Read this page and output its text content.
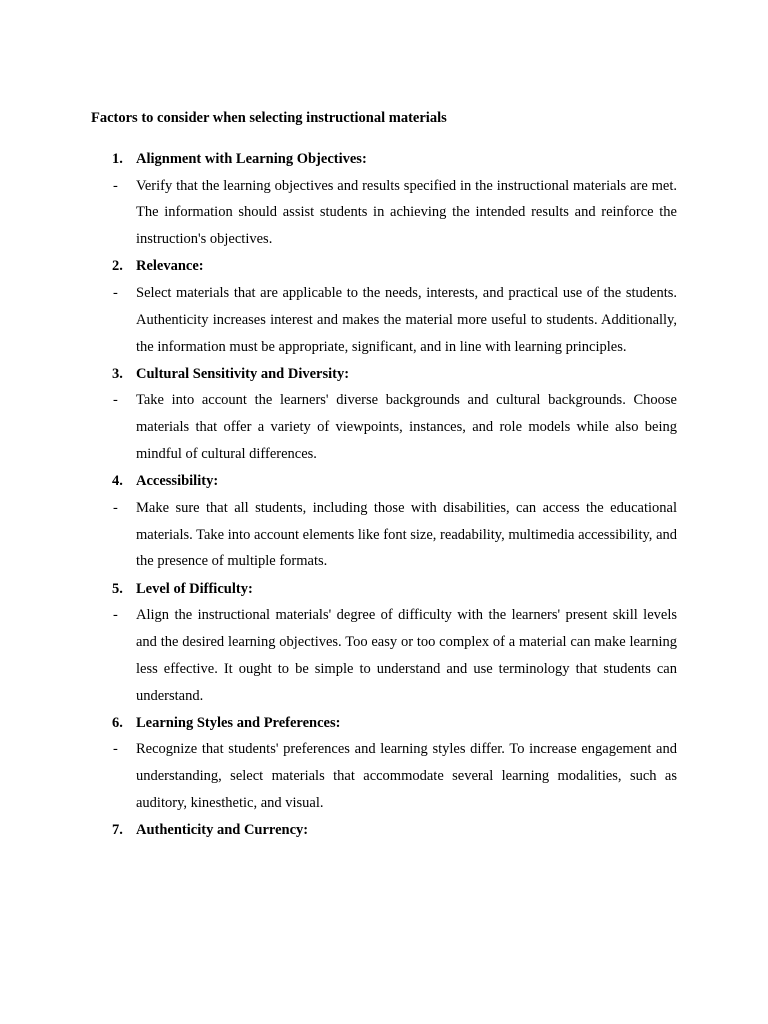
Factors to consider when selecting instructional materials
1. Alignment with Learning Objectives:
- Verify that the learning objectives and results specified in the instructional materials are met. The information should assist students in achieving the intended results and reinforce the instruction's objectives.
2. Relevance:
- Select materials that are applicable to the needs, interests, and practical use of the students. Authenticity increases interest and makes the material more useful to students. Additionally, the information must be appropriate, significant, and in line with learning principles.
3. Cultural Sensitivity and Diversity:
- Take into account the learners' diverse backgrounds and cultural backgrounds. Choose materials that offer a variety of viewpoints, instances, and role models while also being mindful of cultural differences.
4. Accessibility:
- Make sure that all students, including those with disabilities, can access the educational materials. Take into account elements like font size, readability, multimedia accessibility, and the presence of multiple formats.
5. Level of Difficulty:
- Align the instructional materials' degree of difficulty with the learners' present skill levels and the desired learning objectives. Too easy or too complex of a material can make learning less effective. It ought to be simple to understand and use terminology that students can understand.
6. Learning Styles and Preferences:
- Recognize that students' preferences and learning styles differ. To increase engagement and understanding, select materials that accommodate several learning modalities, such as auditory, kinesthetic, and visual.
7. Authenticity and Currency:
